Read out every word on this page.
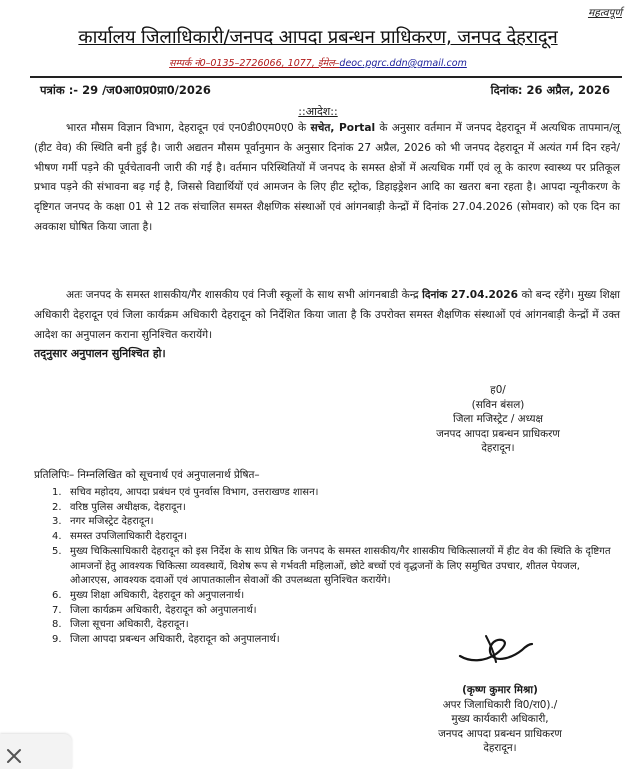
महत्वपूर्ण
कार्यालय जिलाधिकारी/जनपद आपदा प्रबन्धन प्राधिकरण, जनपद देहरादून
सम्पर्क नं0–0135–2726066, 1077, ईमेल–deoc.pgrc.ddn@gmail.com
पत्रांक :- 29 /ज0आ0प्र0प्रा0/2026	दिनांक: 26 अप्रैल, 2026
::आदेश::

भारत मौसम विज्ञान विभाग, देहरादून एवं एन0डी0एम0ए0 के सचेत, Portal के अनुसार वर्तमान में जनपद देहरादून में अत्यधिक तापमान/लू (हीट वेव) की स्थिति बनी हुई है। जारी अद्यतन मौसम पूर्वानुमान के अनुसार दिनांक 27 अप्रैल, 2026 को भी जनपद देहरादून में अत्यंत गर्म दिन रहने/भीषण गर्मी पड़ने की पूर्वचेतावनी जारी की गई है। वर्तमान परिस्थितियों में जनपद के समस्त क्षेत्रों में अत्यधिक गर्मी एवं लू के कारण स्वास्थ्य पर प्रतिकूल प्रभाव पड़ने की संभावना बढ़ गई है, जिससे विद्यार्थियों एवं आमजन के लिए हीट स्ट्रोक, डिहाइड्रेशन आदि का खतरा बना रहता है। आपदा न्यूनीकरण के दृष्टिगत जनपद के कक्षा 01 से 12 तक संचालित समस्त शैक्षणिक संस्थाओं एवं आंगनबाड़ी केन्द्रों में दिनांक 27.04.2026 (सोमवार) को एक दिन का अवकाश घोषित किया जाता है।

अतः जनपद के समस्त शासकीय/गैर शासकीय एवं निजी स्कूलों के साथ सभी आंगनबाडी केन्द्र दिनांक 27.04.2026 को बन्द रहेंगे। मुख्य शिक्षा अधिकारी देहरादून एवं जिला कार्यक्रम अधिकारी देहरादून को निर्देशित किया जाता है कि उपरोक्त समस्त शैक्षणिक संस्थाओं एवं आंगनबाड़ी केन्द्रों में उक्त आदेश का अनुपालन कराना सुनिश्चित करायेंगे।

तद्नुसार अनुपालन सुनिश्चित हो।
ह0/
(सविन बंसल)
जिला मजिस्ट्रेट / अध्यक्ष
जनपद आपदा प्रबन्धन प्राधिकरण
देहरादून।
प्रतिलिपिः– निम्नलिखित को सूचनार्थ एवं अनुपालनार्थ प्रेषित–
1. सचिव महोदय, आपदा प्रबंधन एवं पुनर्वास विभाग, उत्तराखण्ड शासन।
2. वरिष्ठ पुलिस अधीक्षक, देहरादून।
3. नगर मजिस्ट्रेट देहरादून।
4. समस्त उपजिलाधिकारी देहरादून।
5. मुख्य चिकित्साधिकारी देहरादून को इस निर्देश के साथ प्रेषित कि जनपद के समस्त शासकीय/गैर शासकीय चिकित्सालयों में हीट वेव की स्थिति के दृष्टिगत आमजनों हेतु आवश्यक चिकित्सा व्यवस्थायें, विशेष रूप से गर्भवती महिलाओं, छोटे बच्चों एवं वृद्धजनों के लिए समुचित उपचार, शीतल पेयजल, ओआरएस, आवश्यक दवाओं एवं आपातकालीन सेवाओं की उपलब्धता सुनिश्चित करायेंगे।
6. मुख्य शिक्षा अधिकारी, देहरादून को अनुपालनार्थ।
7. जिला कार्यक्रम अधिकारी, देहरादून को अनुपालनार्थ।
8. जिला सूचना अधिकारी, देहरादून।
9. जिला आपदा प्रबन्धन अधिकारी, देहरादून को अनुपालनार्थ।
(कृष्ण कुमार मिश्रा)
अपर जिलाधिकारी वि0/रा0)./
मुख्य कार्यकारी अधिकारी,
जनपद आपदा प्रबन्धन प्राधिकरण
देहरादून।
